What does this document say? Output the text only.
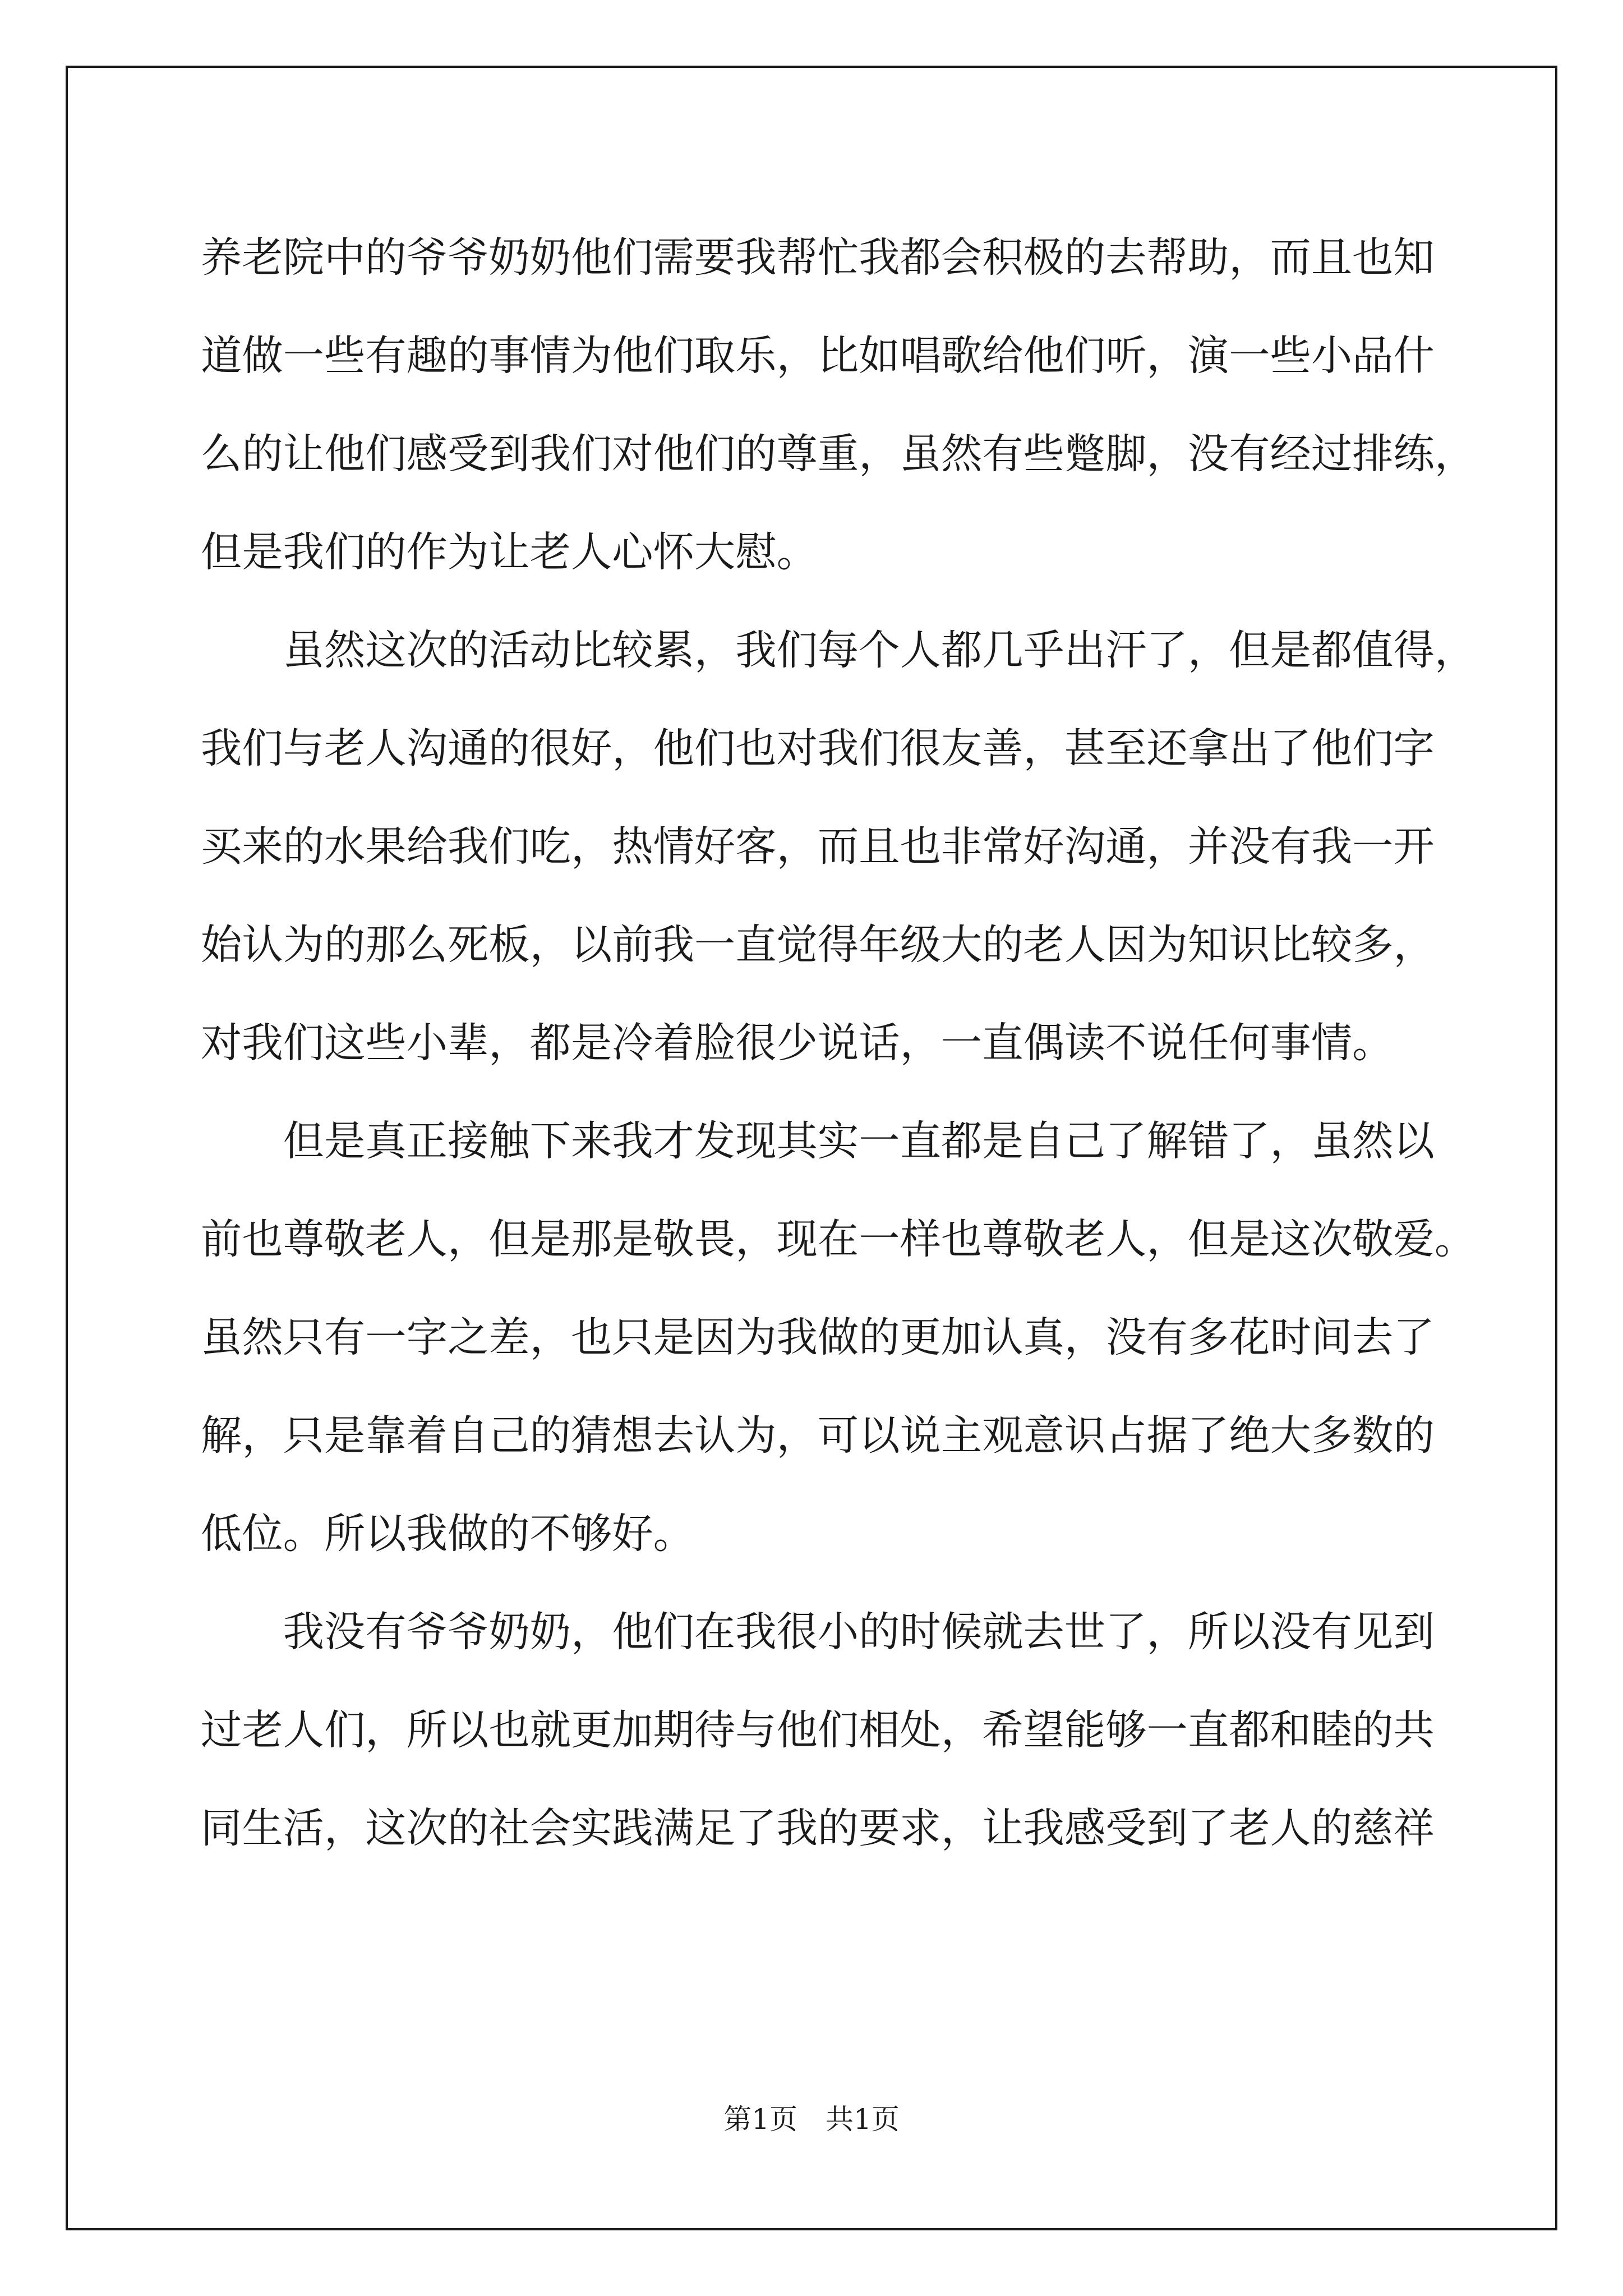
养老院中的爷爷奶奶他们需要我帮忙我都会积极的去帮助，而且也知
道做一些有趣的事情为他们取乐，比如唱歌给他们听，演一些小品什
么的让他们感受到我们对他们的尊重，虽然有些蹩脚，没有经过排练，
但是我们的作为让老人心怀大慰。
　　虽然这次的活动比较累，我们每个人都几乎出汗了，但是都值得，
我们与老人沟通的很好，他们也对我们很友善，甚至还拿出了他们字
买来的水果给我们吃，热情好客，而且也非常好沟通，并没有我一开
始认为的那么死板，以前我一直觉得年级大的老人因为知识比较多，
对我们这些小辈，都是冷着脸很少说话，一直偶读不说任何事情。
　　但是真正接触下来我才发现其实一直都是自己了解错了，虽然以
前也尊敬老人，但是那是敬畏，现在一样也尊敬老人，但是这次敬爱。
虽然只有一字之差，也只是因为我做的更加认真，没有多花时间去了
解，只是靠着自己的猜想去认为，可以说主观意识占据了绝大多数的
低位。所以我做的不够好。
　　我没有爷爷奶奶，他们在我很小的时候就去世了，所以没有见到
过老人们，所以也就更加期待与他们相处，希望能够一直都和睦的共
同生活，这次的社会实践满足了我的要求，让我感受到了老人的慈祥
第1页　共1页
